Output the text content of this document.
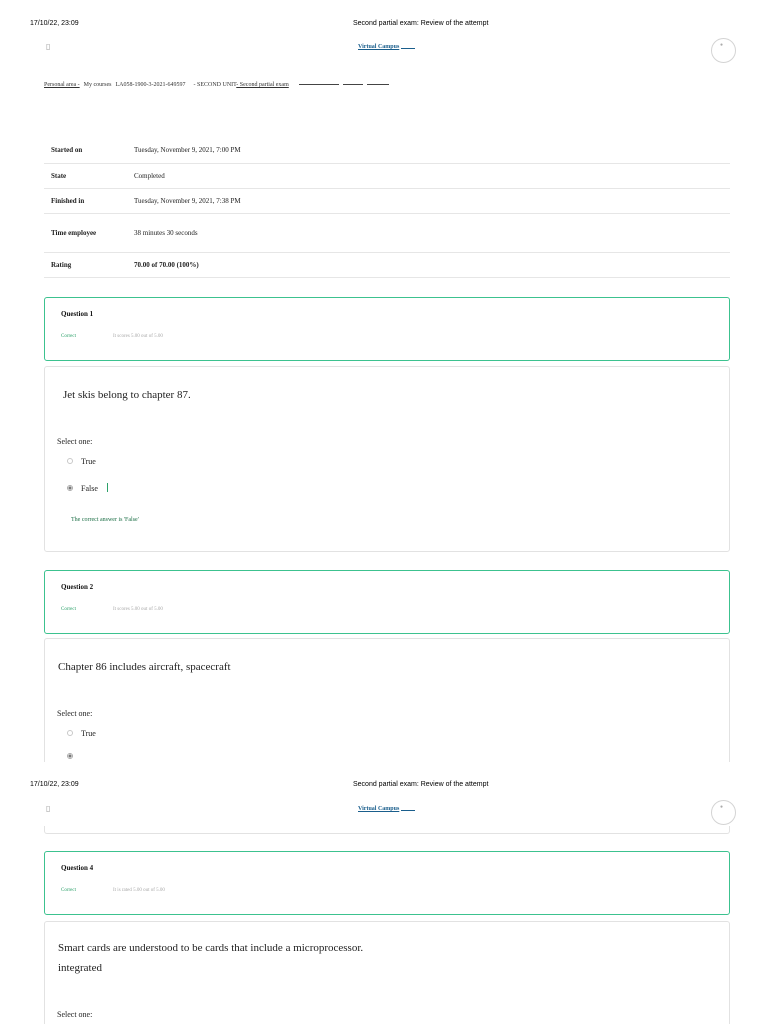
17/10/22, 23:09	Second partial exam: Review of the attempt
▯	Virtual Campus	●
Personal area - My courses LA058-1900-3-2021-649597 - SECOND UNIT- Second partial exam
Started on	Tuesday, November 9, 2021, 7:00 PM
State	Completed
Finished in	Tuesday, November 9, 2021, 7:38 PM
Time employee	38 minutes 30 seconds
Rating	70.00 of 70.00 (100%)
Question 1
Correct	It scores 5.00 out of 5.00
Jet skis belong to chapter 87.
Select one:
True
False
The correct answer is 'False'
Question 2
Correct	It scores 5.00 out of 5.00
Chapter 86 includes aircraft, spacecraft
Select one:
True
17/10/22, 23:09	Second partial exam: Review of the attempt
▯	Virtual Campus	●
Question 4
Correct	It is rated 5.00 out of 5.00
Smart cards are understood to be cards that include a microprocessor.
integrated
Select one:
